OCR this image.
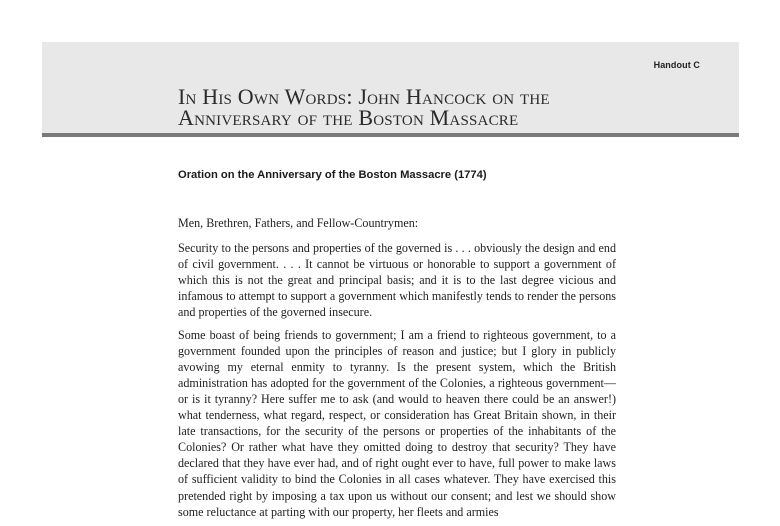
Handout C
In His Own Words: John Hancock on the
Anniversary of the Boston Massacre
Oration on the Anniversary of the Boston Massacre (1774)

Men, Brethren, Fathers, and Fellow-Countrymen:

Security to the persons and properties of the governed is . . . obviously the design and end of civil government. . . . It cannot be virtuous or honorable to support a government of which this is not the great and principal basis; and it is to the last degree vicious and infamous to attempt to support a government which manifestly tends to render the persons and properties of the governed insecure.

Some boast of being friends to government; I am a friend to righteous government, to a government founded upon the principles of reason and justice; but I glory in publicly avowing my eternal enmity to tyranny. Is the present system, which the British administration has adopted for the government of the Colonies, a righteous government—or is it tyranny? Here suffer me to ask (and would to heaven there could be an answer!) what tenderness, what regard, respect, or consideration has Great Britain shown, in their late transactions, for the security of the persons or properties of the inhabitants of the Colonies? Or rather what have they omitted doing to destroy that security? They have declared that they have ever had, and of right ought ever to have, full power to make laws of sufficient validity to bind the Colonies in all cases whatever. They have exercised this pretended right by imposing a tax upon us without our consent; and lest we should show some reluctance at parting with our property, her fleets and armies
